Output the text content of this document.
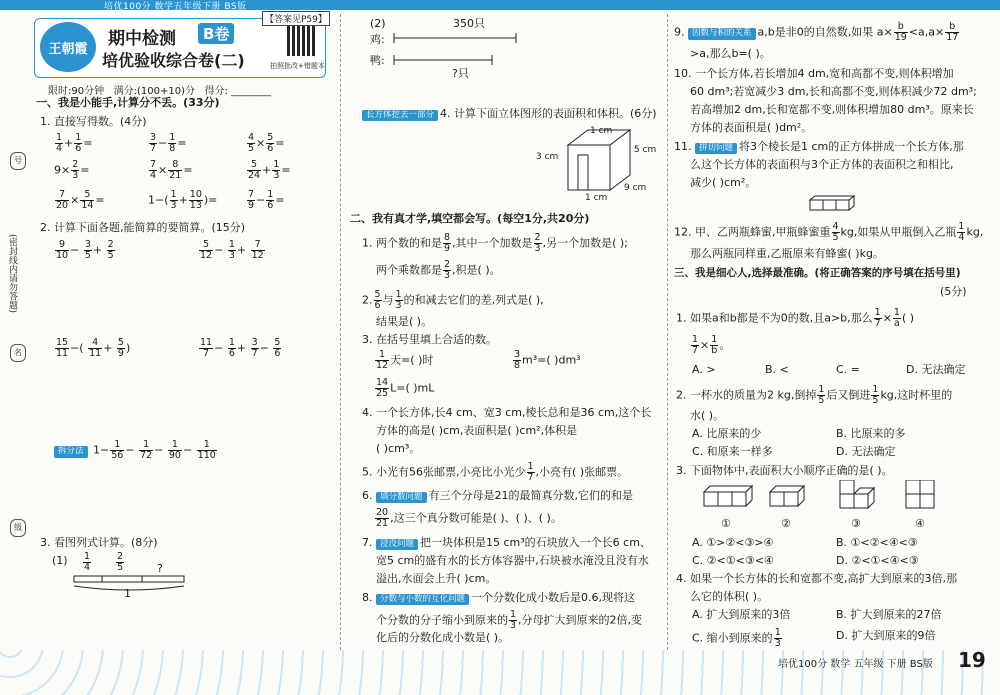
培优100分 数学五年级下册 BS版
(密封线内请勿答题)
号
名
级
王朝霞	期中检测	B卷
培优验收综合卷(二)
【答案见P59】
拍照批改+错题本
限时:90分钟 满分:(100+10)分 得分: ________
一、我是小能手,计算分不丢。(33分)
1. 直接写得数。(4分)
$\frac{1}{4} + \frac{1}{6}$ =	$\frac{3}{7} - \frac{1}{8}$ =	$\frac{4}{5} \times \frac{5}{6}$ =
$9\times \frac{2}{3}$ =	$\frac{7}{4} \times \frac{8}{21}$ =	$\frac{5}{24} + \frac{1}{3}$ =
$\frac{7}{20} \times \frac{5}{14}$ =	$1-( \frac{1}{3} + \frac{10}{13}$ )=	$\frac{7}{9} - \frac{1}{6}$ =
2. 计算下面各题,能简算的要简算。(15分)
$\frac{9}{10} - \frac{3}{5} + \frac{2}{5}$	$\frac{5}{12} - \frac{1}{3} + \frac{7}{12}$
$\frac{15}{11}$ −( $\frac{4}{11} + \frac{5}{9}$ )	$\frac{11}{7} - \frac{1}{6} + \frac{3}{7} - \frac{5}{6}$
拆分法 $1- \frac{1}{56} - \frac{1}{72} - \frac{1}{90} - \frac{1}{110}$
3. 看图列式计算。(8分)
$(1) \frac{1}{4}$	$\frac{2}{5}$	?
1
(2)	350只
鸡:
鸭:
?只
长方体挖去一部分 4. 计算下面立体图形的表面积和体积。(6分)
1 cm
3 cm
5 cm
9 cm
1 cm
二、我有真才学,填空都会写。(每空1分,共20分)
1. 两个数的和是 $\frac{8}{9}$ ,其中一个加数是 $\frac{2}{3}$ ,另一个加数是( );
两个乘数都是 $\frac{2}{3}$ ,积是( )。
2. $\frac{5}{6}$ 与 $\frac{1}{3}$ 的和减去它们的差,列式是( ),
结果是( )。
3. 在括号里填上合适的数。
$\frac{1}{12}$ 天=( )时	$\frac{3}{8} m^3=$( )dm³
$\frac{14}{25} L=$( )mL
4. 一个长方体,长4 cm、宽3 cm,棱长总和是36 cm,这个长
方体的高是( )cm,表面积是( )cm²,体积是
( )cm³。
5. 小光有56张邮票,小亮比小光少 $\frac{1}{7}$ ,小亮有( )张邮票。
6. 填分数问题 有三个分母是21的最简真分数,它们的和是
$\frac{20}{21}$ ,这三个真分数可能是( )、( )、( )。
7. 浸没问题 把一块体积是15 cm³的石块放入一个长6 cm、
宽5 cm的盛有水的长方体容器中,石块被水淹没且没有水
溢出,水面会上升( )cm。
8. 分数与小数的互化问题 一个分数化成小数后是0.6,现将这
个分数的分子缩小到原来的 $\frac{1}{3}$ ,分母扩大到原来的2倍,变
化后的分数化成小数是( )。
9. 因数与积的关系 a,b是非0的自然数,如果 $a\times \frac{b}{19} <a,a\times \frac{b}{17}$
>a,那么b=( )。
10. 一个长方体,若长增加4 dm,宽和高都不变,则体积增加
60 dm³;若宽减少3 dm,长和高都不变,则体积减少72 dm³;
若高增加2 dm,长和宽都不变,则体积增加80 dm³。原来长
方体的表面积是( )dm²。
11. 拼切问题 将3个棱长是1 cm的正方体拼成一个长方体,那
么这个长方体的表面积与3个正方体的表面积之和相比,
减少( )cm²。
12. 甲、乙两瓶蜂蜜,甲瓶蜂蜜重 $\frac{4}{5}$ kg,如果从甲瓶倒入乙瓶 $\frac{1}{4}$ kg,
那么两瓶同样重,乙瓶原来有蜂蜜( )kg。
三、我是细心人,选择最准确。(将正确答案的序号填在括号里)
(5分)
1. 如果a和b都是不为0的数,且a>b,那么 $\frac{1}{7} \times \frac{1}{a}$ ( )
$\frac{1}{7} \times \frac{1}{b}$ 。
A. >	B. <	C. =	D. 无法确定
2. 一杯水的质量为2 kg,倒掉 $\frac{1}{5}$ 后又倒进 $\frac{1}{5}$ kg,这时杯里的
水( )。
A. 比原来的少	B. 比原来的多
C. 和原来一样多	D. 无法确定
3. 下面物体中,表面积大小顺序正确的是( )。
①	②	③	④
A. ①>②<③>④	B. ①<②<④<③
C. ②<①<③<④	D. ②<①<④<③
4. 如果一个长方体的长和宽都不变,高扩大到原来的3倍,那
么它的体积( )。
A. 扩大到原来的3倍	B. 扩大到原来的27倍
C. 缩小到原来的 $\frac{1}{3}$	D. 扩大到原来的9倍
培优100分 数学 五年级 下册 BS版 19
